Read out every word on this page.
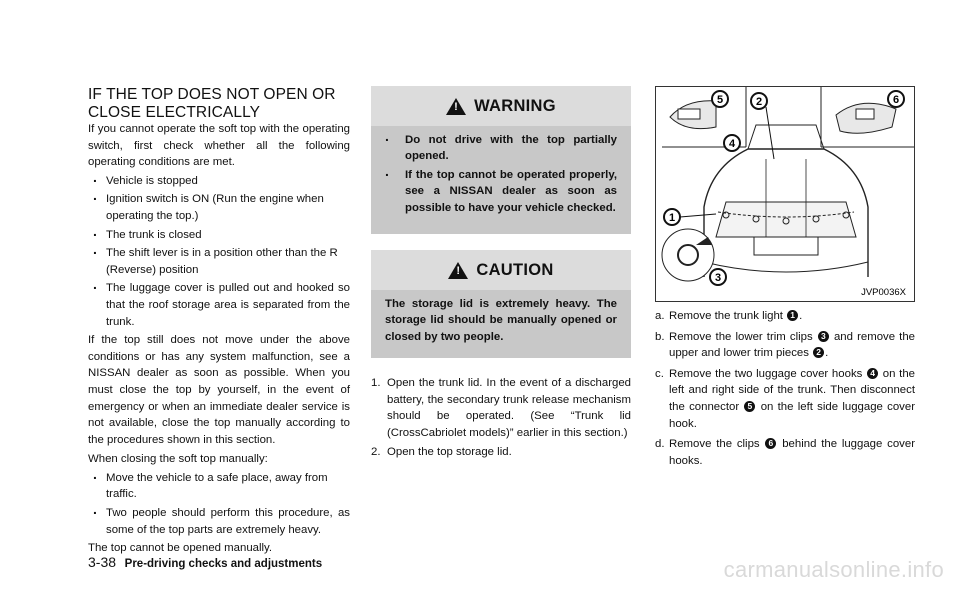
IF THE TOP DOES NOT OPEN OR CLOSE ELECTRICALLY

If you cannot operate the soft top with the operating switch, first check whether all the following operating conditions are met.

. Vehicle is stopped
. Ignition switch is ON (Run the engine when operating the top.)
. The trunk is closed
. The shift lever is in a position other than the R (Reverse) position
. The luggage cover is pulled out and hooked so that the roof storage area is separated from the trunk.

If the top still does not move under the above conditions or has any system malfunction, see a NISSAN dealer as soon as possible. When you must close the top by yourself, in the event of emergency or when an immediate dealer service is not available, close the top manually according to the procedures shown in this section.

When closing the soft top manually:

. Move the vehicle to a safe place, away from traffic.
. Two people should perform this procedure, as some of the top parts are extremely heavy.

The top cannot be opened manually.

! WARNING
. Do not drive with the top partially opened.
. If the top cannot be operated properly, see a NISSAN dealer as soon as possible to have your vehicle checked.
! CAUTION
The storage lid is extremely heavy. The storage lid should be manually opened or closed by two people.
1. Open the trunk lid. In the event of a discharged battery, the secondary trunk release mechanism should be operated. (See “Trunk lid (CrossCabriolet models)” earlier in this section.)
2. Open the top storage lid.
1
2
3
4
5	6
JVP0036X
a. Remove the trunk light 1 .
b. Remove the lower trim clips 3 and remove the upper and lower trim pieces 2 .
c. Remove the two luggage cover hooks 4 on the left and right side of the trunk. Then disconnect the connector 5 on the left side luggage cover hook.
d. Remove the clips 6 behind the luggage cover hooks.
3-38 Pre-driving checks and adjustments	carmanualsonline.info
